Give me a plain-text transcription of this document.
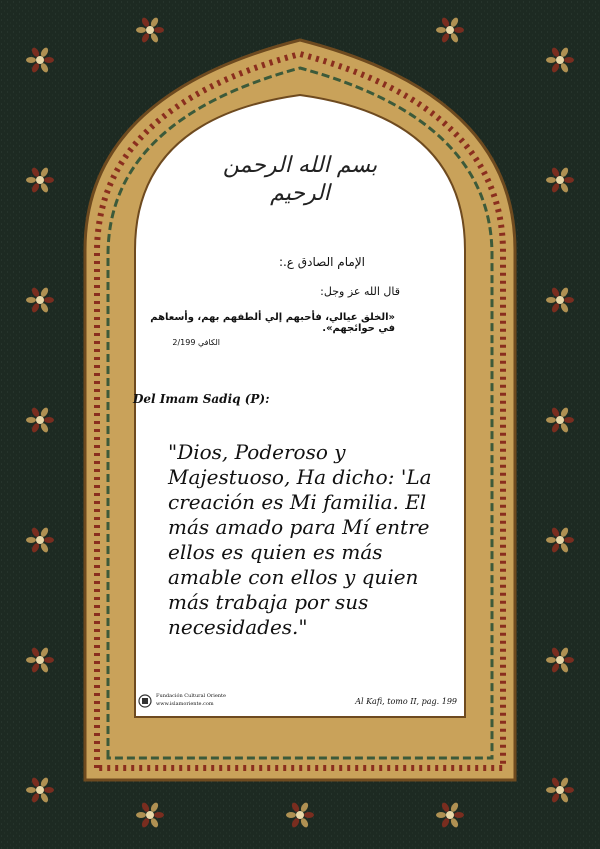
بسم الله الرحمن الرحيم
الإمام الصادق ع.:
قال الله عز وجل:
«الخلق عيالي، فأحبهم إلي ألطفهم بهم، وأسعاهم في حوائجهم».
الكافي 2/199
Del Imam Sadiq (P):
"Dios, Poderoso y
Majestuoso, Ha dicho: 'La
creación es Mi familia. El
más amado para Mí entre
ellos es quien es más
amable con ellos y quien
más trabaja por sus
necesidades."
Fundación Cultural Oriente
www.islamoriente.com	Al Kafi, tomo II, pag. 199
